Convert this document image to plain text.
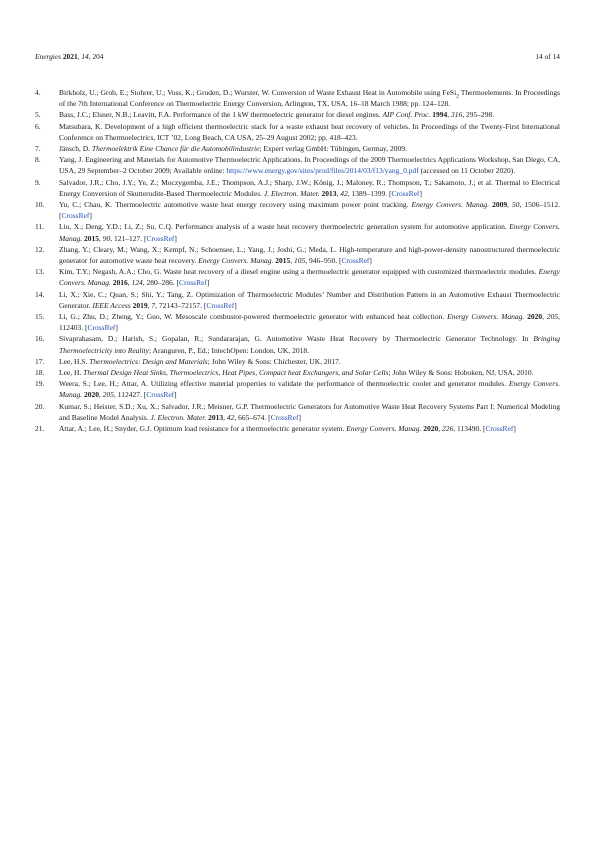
Energies 2021, 14, 204	14 of 14
4. Birkholz, U.; Grob, E.; Stohrer, U.; Voss, K.; Gruden, D.; Wurster, W. Conversion of Waste Exhaust Heat in Automobile using FeSi$_2$ Thermoelements. In Proceedings of the 7th International Conference on Thermoelectric Energy Conversion, Arlington, TX, USA, 16–18 March 1988; pp. 124–128.
5. Bass, J.C.; Elsner, N.B.; Leavitt, F.A. Performance of the 1 kW thermoelectric generator for diesel engines. AIP Conf. Proc. 1994, 316, 295–298.
6. Matsubara, K. Development of a high efficient thermoelectric stack for a waste exhaust heat recovery of vehicles. In Proceedings of the Twenty-First International Conference on Thermoelectrics, ICT ’02, Long Beach, CA USA, 25–29 August 2002; pp. 418–423.
7. Jänsch, D. Thermoelektrik Eine Chance für die Automobilindustrie; Expert verlag GmbH: Tübingen, Germay, 2009.
8. Yang, J. Engineering and Materials for Automotive Thermoelectric Applications. In Proceedings of the 2009 Thermoelectrics Applications Workshop, San Diego, CA, USA, 29 September–2 October 2009; Available online: https://www.energy.gov/sites/prod/files/2014/03/f13/yang_0.pdf (accessed on 11 October 2020).
9. Salvador, J.R.; Cho, J.Y.; Ye, Z.; Moczygemba, J.E.; Thompson, A.J.; Sharp, J.W.; König, J.; Maloney, R.; Thompson, T.; Sakamoto, J.; et al. Thermal to Electrical Energy Conversion of Skutterudite-Based Thermoelectric Modules. J. Electron. Mater. 2013, 42, 1389–1399. [CrossRef]
10. Yu, C.; Chau, K. Thermoelectric automotive waste heat energy recovery using maximum power point tracking. Energy Convers. Manag. 2009, 50, 1506–1512. [CrossRef]
11. Liu, X.; Deng, Y.D.; Li, Z.; Su, C.Q. Performance analysis of a waste heat recovery thermoelectric generation system for automotive application. Energy Convers. Manag. 2015, 90, 121–127. [CrossRef]
12. Zhang, Y.; Cleary, M.; Wang, X.; Kempf, N.; Schoensee, L.; Yang, J.; Joshi, G.; Meda, L. High-temperature and high-power-density nanostructured thermoelectric generator for automotive waste heat recovery. Energy Convers. Manag. 2015, 105, 946–950. [CrossRef]
13. Kim, T.Y.; Negash, A.A.; Cho, G. Waste heat recovery of a diesel engine using a thermoelectric generator equipped with customized thermoelectric modules. Energy Convers. Manag. 2016, 124, 280–286. [CrossRef]
14. Li, X.; Xie, C.; Quan, S.; Shi, Y.; Tang, Z. Optimization of Thermoelectric Modules’ Number and Distribution Pattern in an Automotive Exhaust Thermoelectric Generator. IEEE Access 2019, 7, 72143–72157. [CrossRef]
15. Li, G.; Zhu, D.; Zheng, Y.; Guo, W. Mesoscale combustor-powered thermoelectric generator with enhanced heat collection. Energy Convers. Manag. 2020, 205, 112403. [CrossRef]
16. Sivaprahasam, D.; Harish, S.; Gopalan, R.; Sundararajan, G. Automotive Waste Heat Recovery by Thermoelectric Generator Technology. In Bringing Thermoelectricity into Reality; Aranguren, P., Ed.; IntechOpen: London, UK, 2018.
17. Lee, H.S. Thermoelectrics: Design and Materials; John Wiley & Sons: Chichester, UK, 2017.
18. Lee, H. Thermal Design Heat Sinks, Thermoelectrics, Heat Pipes, Compact heat Exchangers, and Solar Cells; John Wiley & Sons: Hoboken, NJ, USA, 2010.
19. Weera, S.; Lee, H.; Attar, A. Utilizing effective material properties to validate the performance of thermoelectric cooler and generator modules. Energy Convers. Manag. 2020, 205, 112427. [CrossRef]
20. Kumar, S.; Heister, S.D.; Xu, X.; Salvador, J.R.; Meisner, G.P. Thermoelectric Generators for Automotive Waste Heat Recovery Systems Part I: Numerical Modeling and Baseline Model Analysis. J. Electron. Mater. 2013, 42, 665–674. [CrossRef]
21. Attar, A.; Lee, H.; Snyder, G.J. Optimum load resistance for a thermoelectric generator system. Energy Convers. Manag. 2020, 226, 113490. [CrossRef]
